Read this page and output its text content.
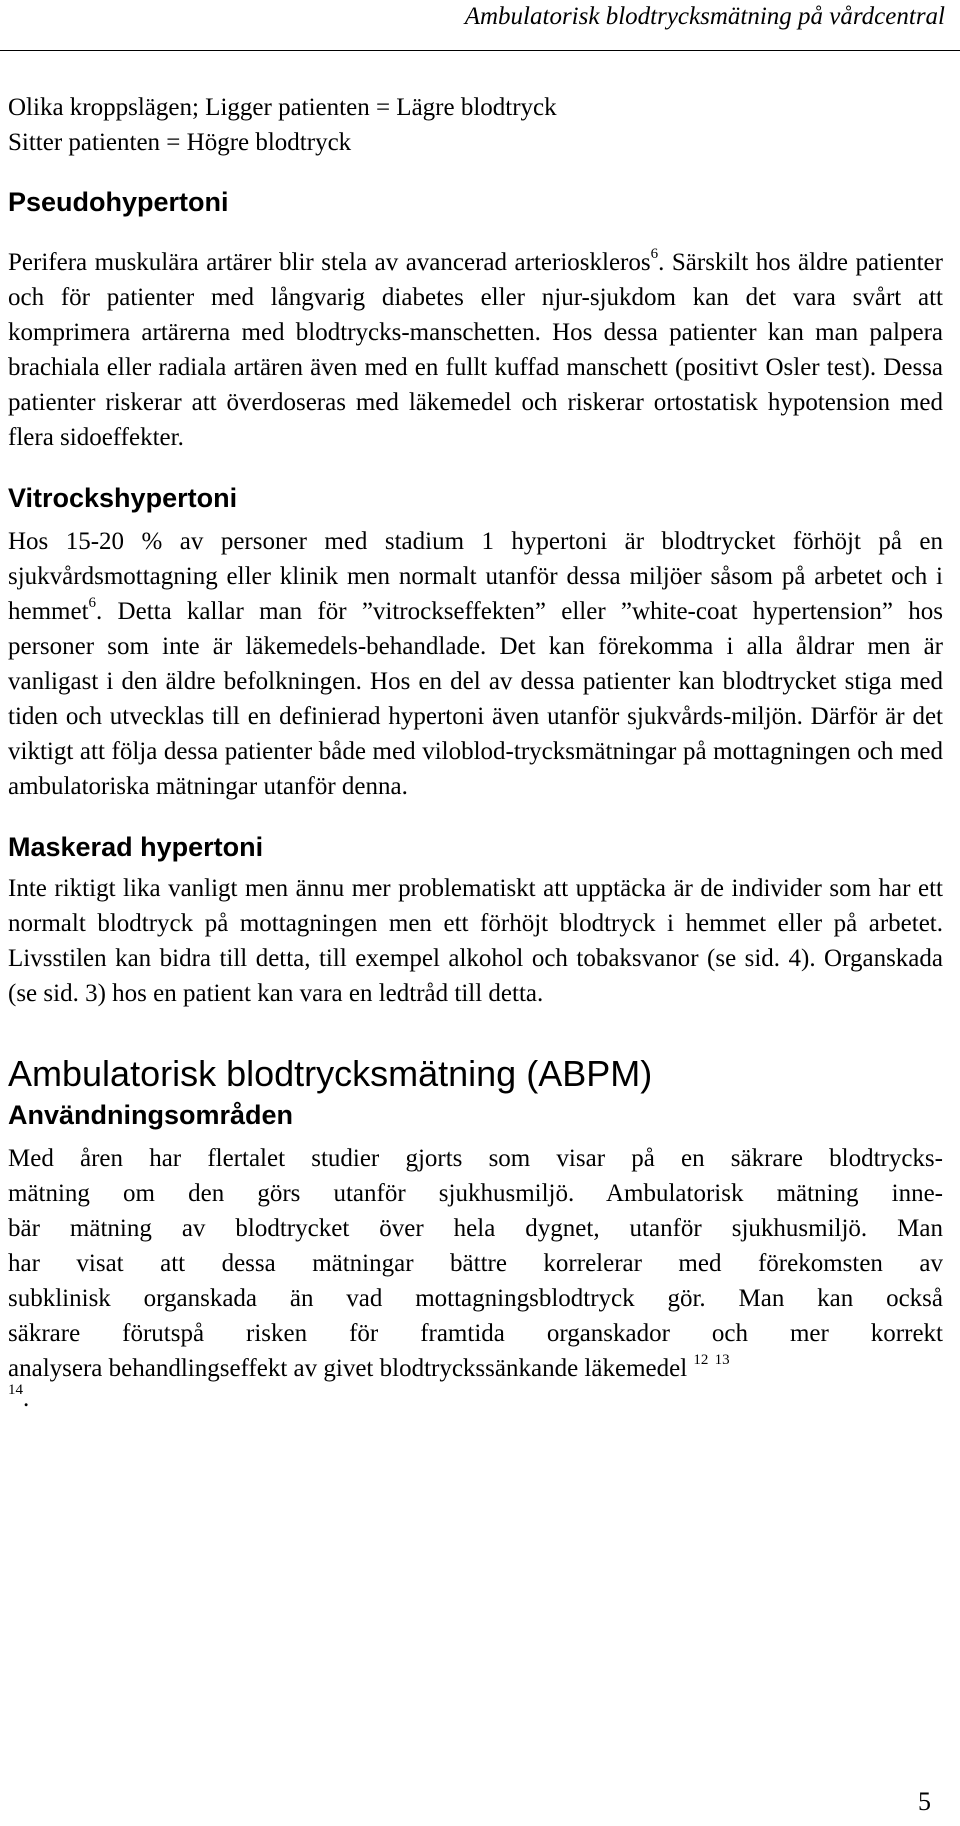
Ambulatorisk blodtrycksmätning på vårdcentral
Olika kroppslägen; Ligger patienten = Lägre blodtryck
Sitter patienten = Högre blodtryck
Pseudohypertoni

Perifera muskulära artärer blir stela av avancerad arterioskleros$^6$. Särskilt hos äldre patienter och för patienter med långvarig diabetes eller njur-sjukdom kan det vara svårt att komprimera artärerna med blodtrycks-manschetten. Hos dessa patienter kan man palpera brachiala eller radiala artären även med en fullt kuffad manschett (positivt Osler test). Dessa patienter riskerar att överdoseras med läkemedel och riskerar ortostatisk hypotension med flera sidoeffekter.

Vitrockshypertoni

Hos 15-20 % av personer med stadium 1 hypertoni är blodtrycket förhöjt på en sjukvårdsmottagning eller klinik men normalt utanför dessa miljöer såsom på arbetet och i hemmet$^6$. Detta kallar man för ”vitrockseffekten” eller ”white-coat hypertension” hos personer som inte är läkemedels-behandlade. Det kan förekomma i alla åldrar men är vanligast i den äldre befolkningen. Hos en del av dessa patienter kan blodtrycket stiga med tiden och utvecklas till en definierad hypertoni även utanför sjukvårds-miljön. Därför är det viktigt att följa dessa patienter både med viloblod-trycksmätningar på mottagningen och med ambulatoriska mätningar utanför denna.

Maskerad hypertoni

Inte riktigt lika vanligt men ännu mer problematiskt att upptäcka är de individer som har ett normalt blodtryck på mottagningen men ett förhöjt blodtryck i hemmet eller på arbetet. Livsstilen kan bidra till detta, till exempel alkohol och tobaksvanor (se sid. 4). Organskada (se sid. 3) hos en patient kan vara en ledtråd till detta.

Ambulatorisk blodtrycksmätning (ABPM)
Användningsområden
Med åren har flertalet studier gjorts som visar på en säkrare blodtrycks-
mätning om den görs utanför sjukhusmiljö. Ambulatorisk mätning inne-
bär mätning av blodtrycket över hela dygnet, utanför sjukhusmiljö. Man
har visat att dessa mätningar bättre korrelerar med förekomsten av
subklinisk organskada än vad mottagningsblodtryck gör. Man kan också
säkrare förutspå risken för framtida organskador och mer korrekt
analysera behandlingseffekt av givet blodtryckssänkande läkemedel $^{12}$ $^{13}$
$^{14}$.
5
